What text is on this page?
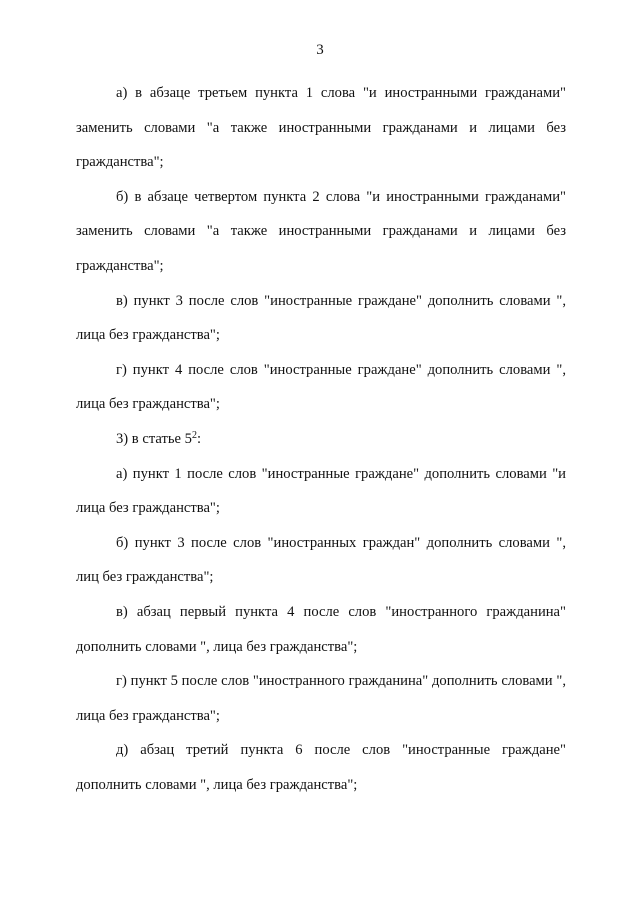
3

а) в абзаце третьем пункта 1 слова "и иностранными гражданами" заменить словами "а также иностранными гражданами и лицами без гражданства";

б) в абзаце четвертом пункта 2 слова "и иностранными гражданами" заменить словами "а также иностранными гражданами и лицами без гражданства";

в) пункт 3 после слов "иностранные граждане" дополнить словами ", лица без гражданства";

г) пункт 4 после слов "иностранные граждане" дополнить словами ", лица без гражданства";

3) в статье $5^2$:

а) пункт 1 после слов "иностранные граждане" дополнить словами "и лица без гражданства";

б) пункт 3 после слов "иностранных граждан" дополнить словами ", лиц без гражданства";

в) абзац первый пункта 4 после слов "иностранного гражданина" дополнить словами ", лица без гражданства";

г) пункт 5 после слов "иностранного гражданина" дополнить словами ", лица без гражданства";

д) абзац третий пункта 6 после слов "иностранные граждане" дополнить словами ", лица без гражданства";
